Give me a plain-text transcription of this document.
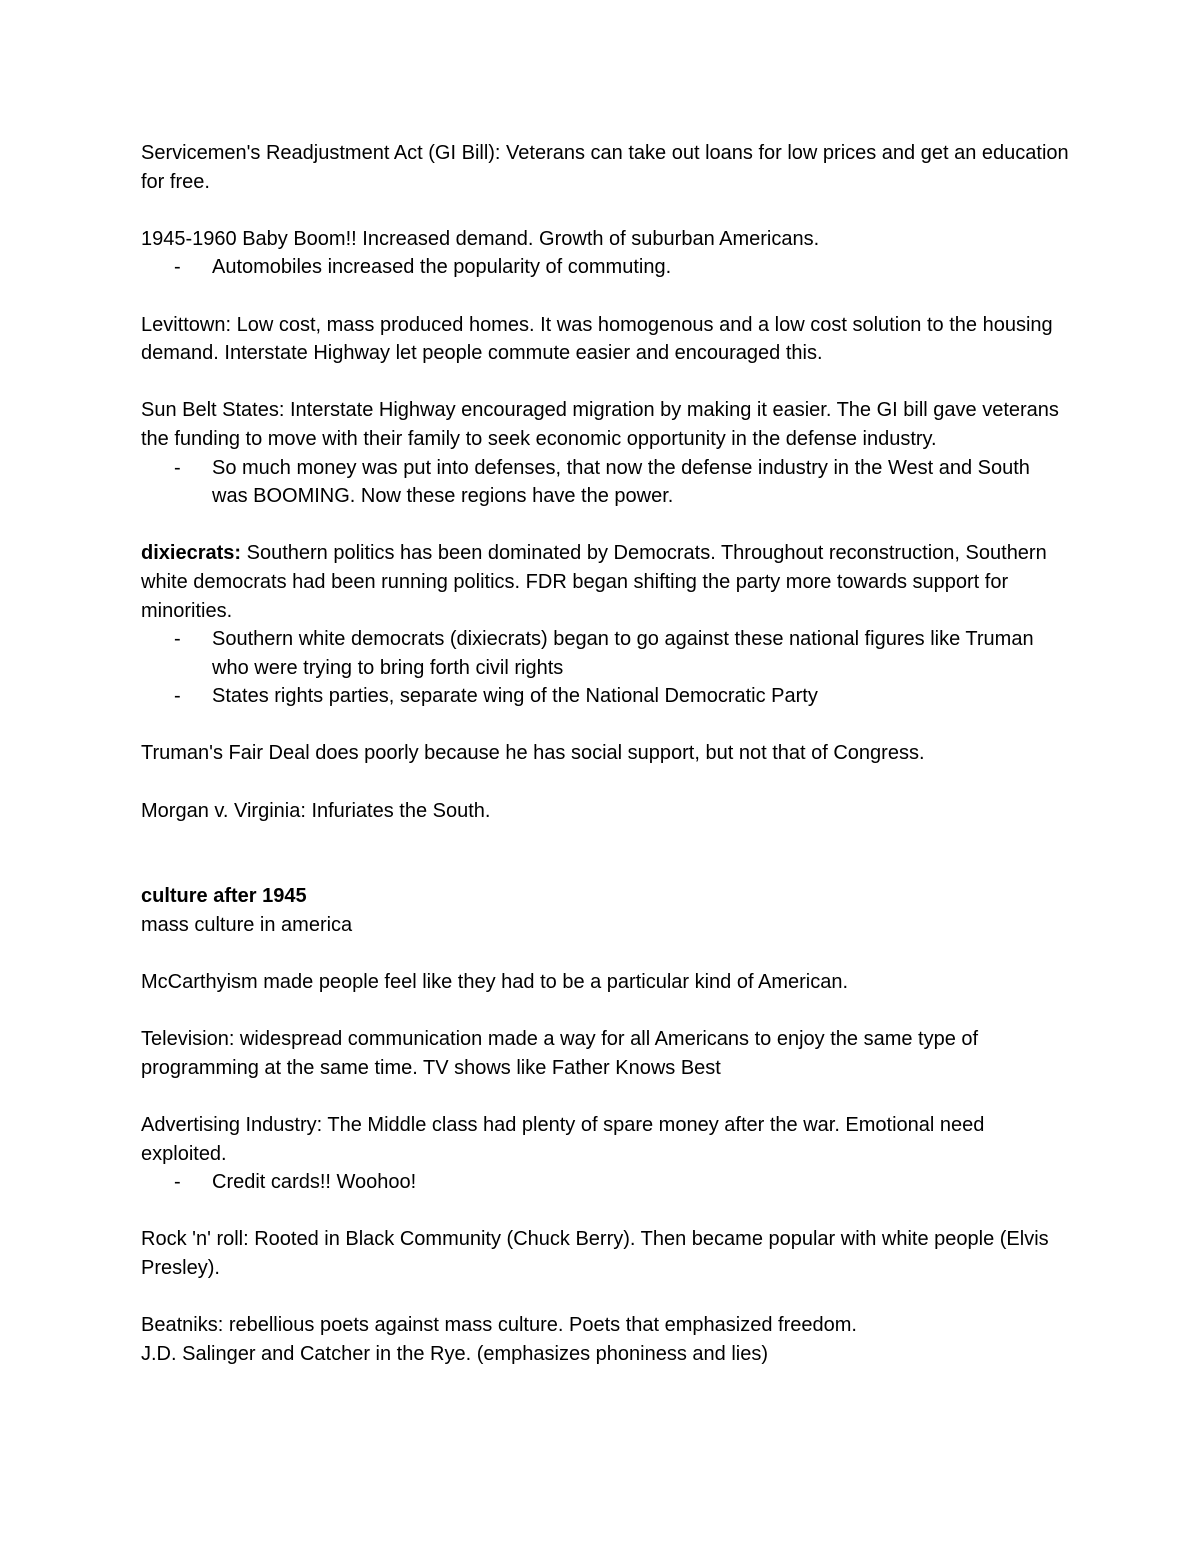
Servicemen's Readjustment Act (GI Bill): Veterans can take out loans for low prices and get an education for free.

1945-1960 Baby Boom!! Increased demand. Growth of suburban Americans.

- Automobiles increased the popularity of commuting.

Levittown: Low cost, mass produced homes. It was homogenous and a low cost solution to the housing demand. Interstate Highway let people commute easier and encouraged this.

Sun Belt States: Interstate Highway encouraged migration by making it easier. The GI bill gave veterans the funding to move with their family to seek economic opportunity in the defense industry.

- So much money was put into defenses, that now the defense industry in the West and South was BOOMING. Now these regions have the power.

dixiecrats: Southern politics has been dominated by Democrats. Throughout reconstruction, Southern white democrats had been running politics. FDR began shifting the party more towards support for minorities.

- Southern white democrats (dixiecrats) began to go against these national figures like Truman who were trying to bring forth civil rights
- States rights parties, separate wing of the National Democratic Party

Truman's Fair Deal does poorly because he has social support, but not that of Congress.

Morgan v. Virginia: Infuriates the South.

culture after 1945

mass culture in america

McCarthyism made people feel like they had to be a particular kind of American.

Television: widespread communication made a way for all Americans to enjoy the same type of programming at the same time. TV shows like Father Knows Best

Advertising Industry: The Middle class had plenty of spare money after the war. Emotional need exploited.

- Credit cards!! Woohoo!

Rock 'n' roll: Rooted in Black Community (Chuck Berry). Then became popular with white people (Elvis Presley).

Beatniks: rebellious poets against mass culture. Poets that emphasized freedom.

J.D. Salinger and Catcher in the Rye. (emphasizes phoniness and lies)
